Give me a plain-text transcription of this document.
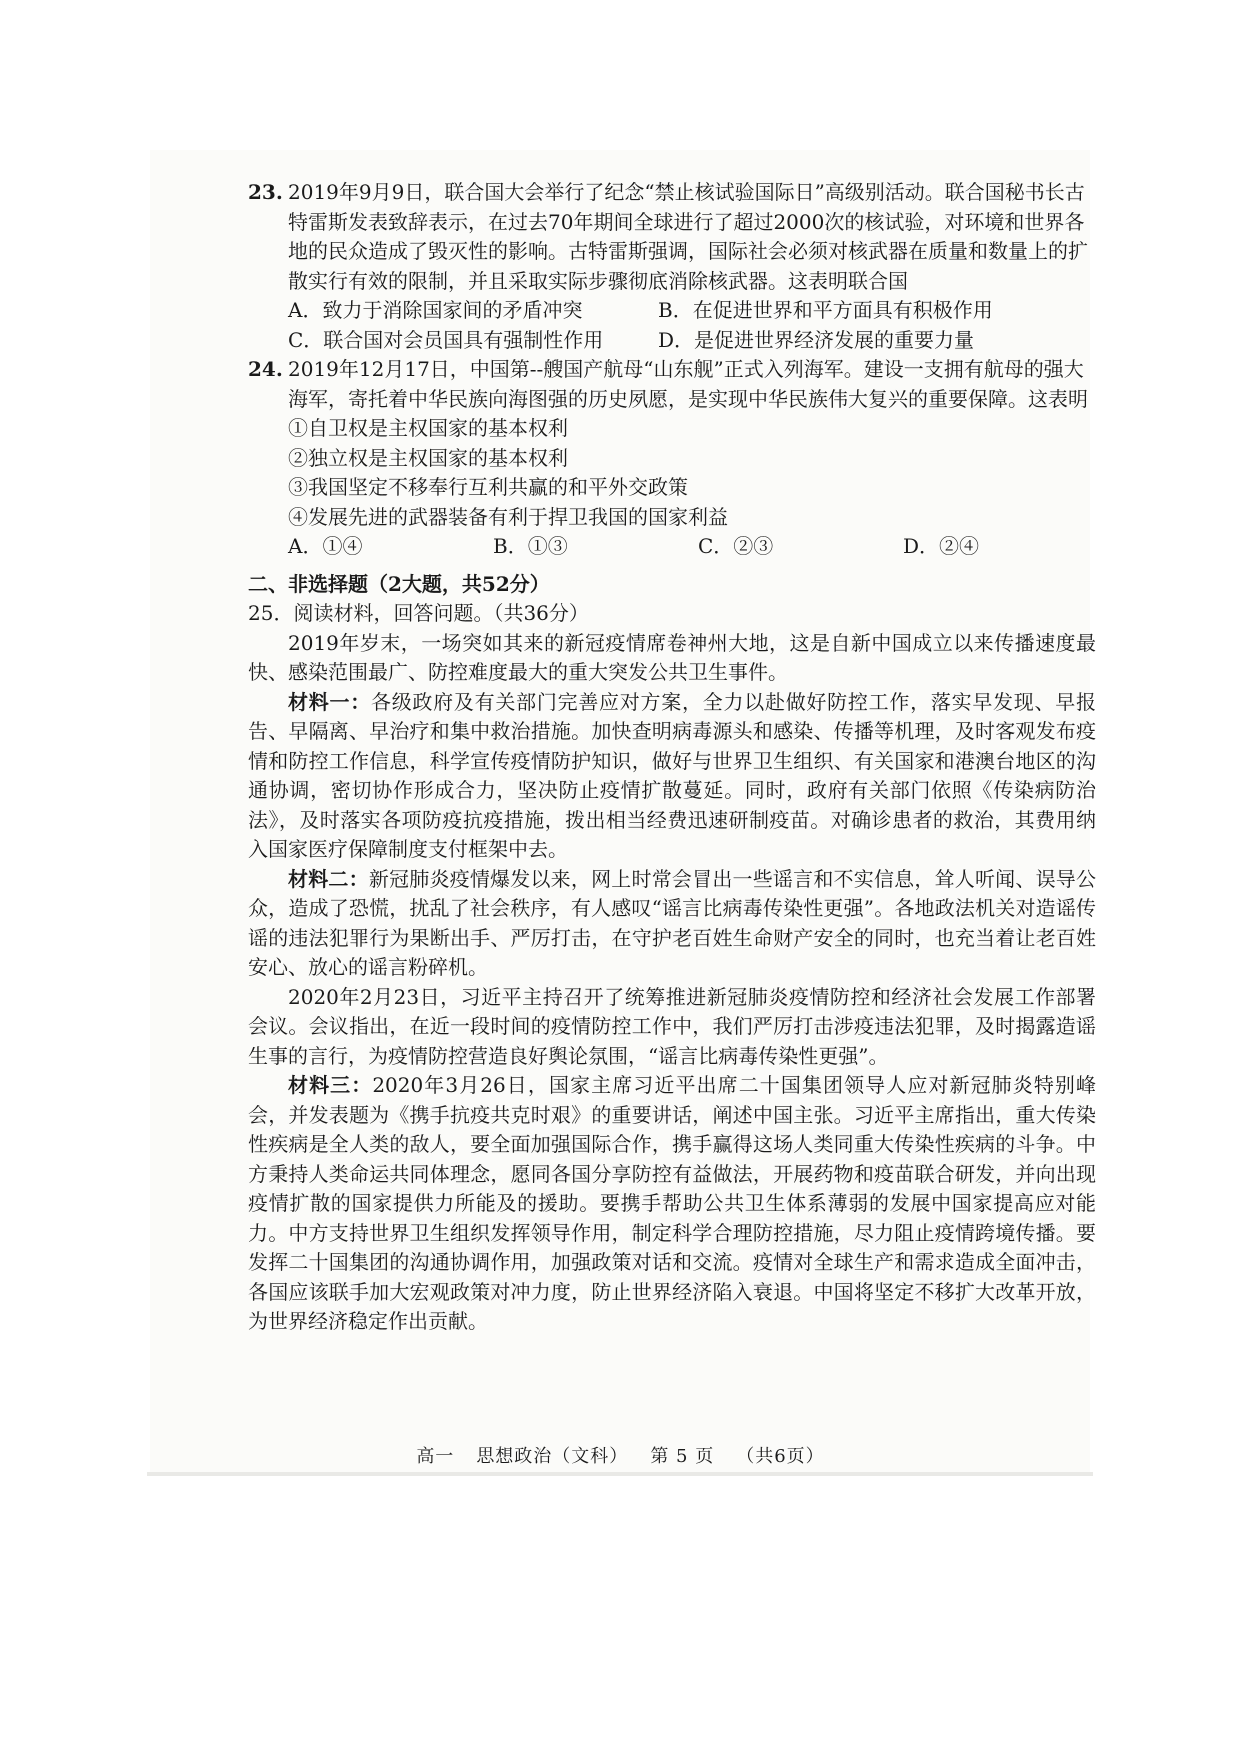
23. 2019年9月9日，联合国大会举行了纪念“禁止核试验国际日”高级别活动。联合国秘书长古特雷斯发表致辞表示，在过去70年期间全球进行了超过2000次的核试验，对环境和世界各地的民众造成了毁灭性的影响。古特雷斯强调，国际社会必须对核武器在质量和数量上的扩散实行有效的限制，并且采取实际步骤彻底消除核武器。这表明联合国
A．致力于消除国家间的矛盾冲突	B．在促进世界和平方面具有积极作用
C．联合国对会员国具有强制性作用	D．是促进世界经济发展的重要力量
24. 2019年12月17日，中国第--艘国产航母“山东舰”正式入列海军。建设一支拥有航母的强大海军，寄托着中华民族向海图强的历史夙愿，是实现中华民族伟大复兴的重要保障。这表明
①自卫权是主权国家的基本权利
②独立权是主权国家的基本权利
③我国坚定不移奉行互利共赢的和平外交政策
④发展先进的武器装备有利于捍卫我国的国家利益
A．①④	B．①③	C．②③	D．②④
二、非选择题（2大题，共52分）
25．阅读材料，回答问题。（共36分）

2019年岁末，一场突如其来的新冠疫情席卷神州大地，这是自新中国成立以来传播速度最快、感染范围最广、防控难度最大的重大突发公共卫生事件。

材料一：各级政府及有关部门完善应对方案，全力以赴做好防控工作，落实早发现、早报告、早隔离、早治疗和集中救治措施。加快查明病毒源头和感染、传播等机理，及时客观发布疫情和防控工作信息，科学宣传疫情防护知识，做好与世界卫生组织、有关国家和港澳台地区的沟通协调，密切协作形成合力，坚决防止疫情扩散蔓延。同时，政府有关部门依照《传染病防治法》，及时落实各项防疫抗疫措施，拨出相当经费迅速研制疫苗。对确诊患者的救治，其费用纳入国家医疗保障制度支付框架中去。

材料二：新冠肺炎疫情爆发以来，网上时常会冒出一些谣言和不实信息，耸人听闻、误导公众，造成了恐慌，扰乱了社会秩序，有人感叹“谣言比病毒传染性更强”。各地政法机关对造谣传谣的违法犯罪行为果断出手、严厉打击，在守护老百姓生命财产安全的同时，也充当着让老百姓安心、放心的谣言粉碎机。

2020年2月23日，习近平主持召开了统筹推进新冠肺炎疫情防控和经济社会发展工作部署会议。会议指出，在近一段时间的疫情防控工作中，我们严厉打击涉疫违法犯罪，及时揭露造谣生事的言行，为疫情防控营造良好舆论氛围，“谣言比病毒传染性更强”。

材料三：2020年3月26日，国家主席习近平出席二十国集团领导人应对新冠肺炎特别峰会，并发表题为《携手抗疫共克时艰》的重要讲话，阐述中国主张。习近平主席指出，重大传染性疾病是全人类的敌人，要全面加强国际合作，携手赢得这场人类同重大传染性疾病的斗争。中方秉持人类命运共同体理念，愿同各国分享防控有益做法，开展药物和疫苗联合研发，并向出现疫情扩散的国家提供力所能及的援助。要携手帮助公共卫生体系薄弱的发展中国家提高应对能力。中方支持世界卫生组织发挥领导作用，制定科学合理防控措施，尽力阻止疫情跨境传播。要发挥二十国集团的沟通协调作用，加强政策对话和交流。疫情对全球生产和需求造成全面冲击，各国应该联手加大宏观政策对冲力度，防止世界经济陷入衰退。中国将坚定不移扩大改革开放，为世界经济稳定作出贡献。

高一 思想政治（文科） 第 5 页 （共6页）
